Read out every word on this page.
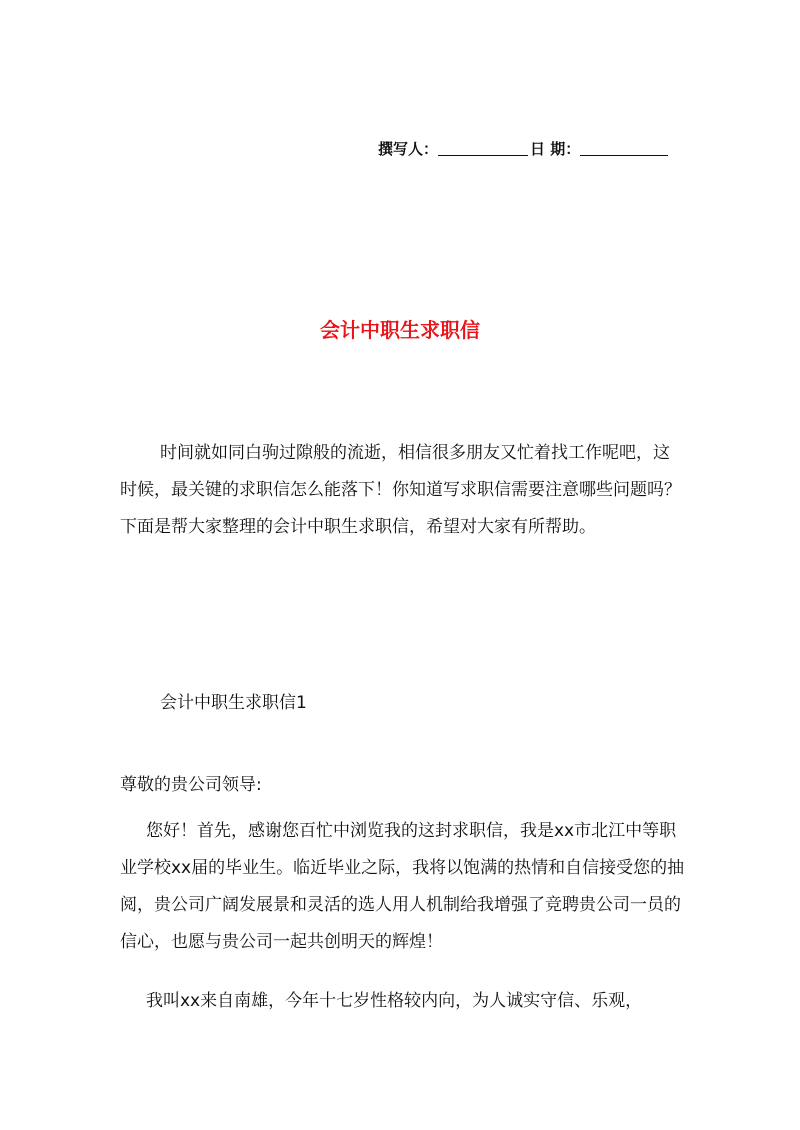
撰写人：	日 期：
会计中职生求职信

时间就如同白驹过隙般的流逝，相信很多朋友又忙着找工作呢吧，这时候，最关键的求职信怎么能落下！你知道写求职信需要注意哪些问题吗？下面是帮大家整理的会计中职生求职信，希望对大家有所帮助。

会计中职生求职信1
尊敬的贵公司领导:

您好！首先，感谢您百忙中浏览我的这封求职信，我是xx市北江中等职业学校xx届的毕业生。临近毕业之际，我将以饱满的热情和自信接受您的抽阅，贵公司广阔发展景和灵活的选人用人机制给我增强了竞聘贵公司一员的信心，也愿与贵公司一起共创明天的辉煌！

我叫xx来自南雄，今年十七岁性格较内向，为人诚实守信、乐观，
